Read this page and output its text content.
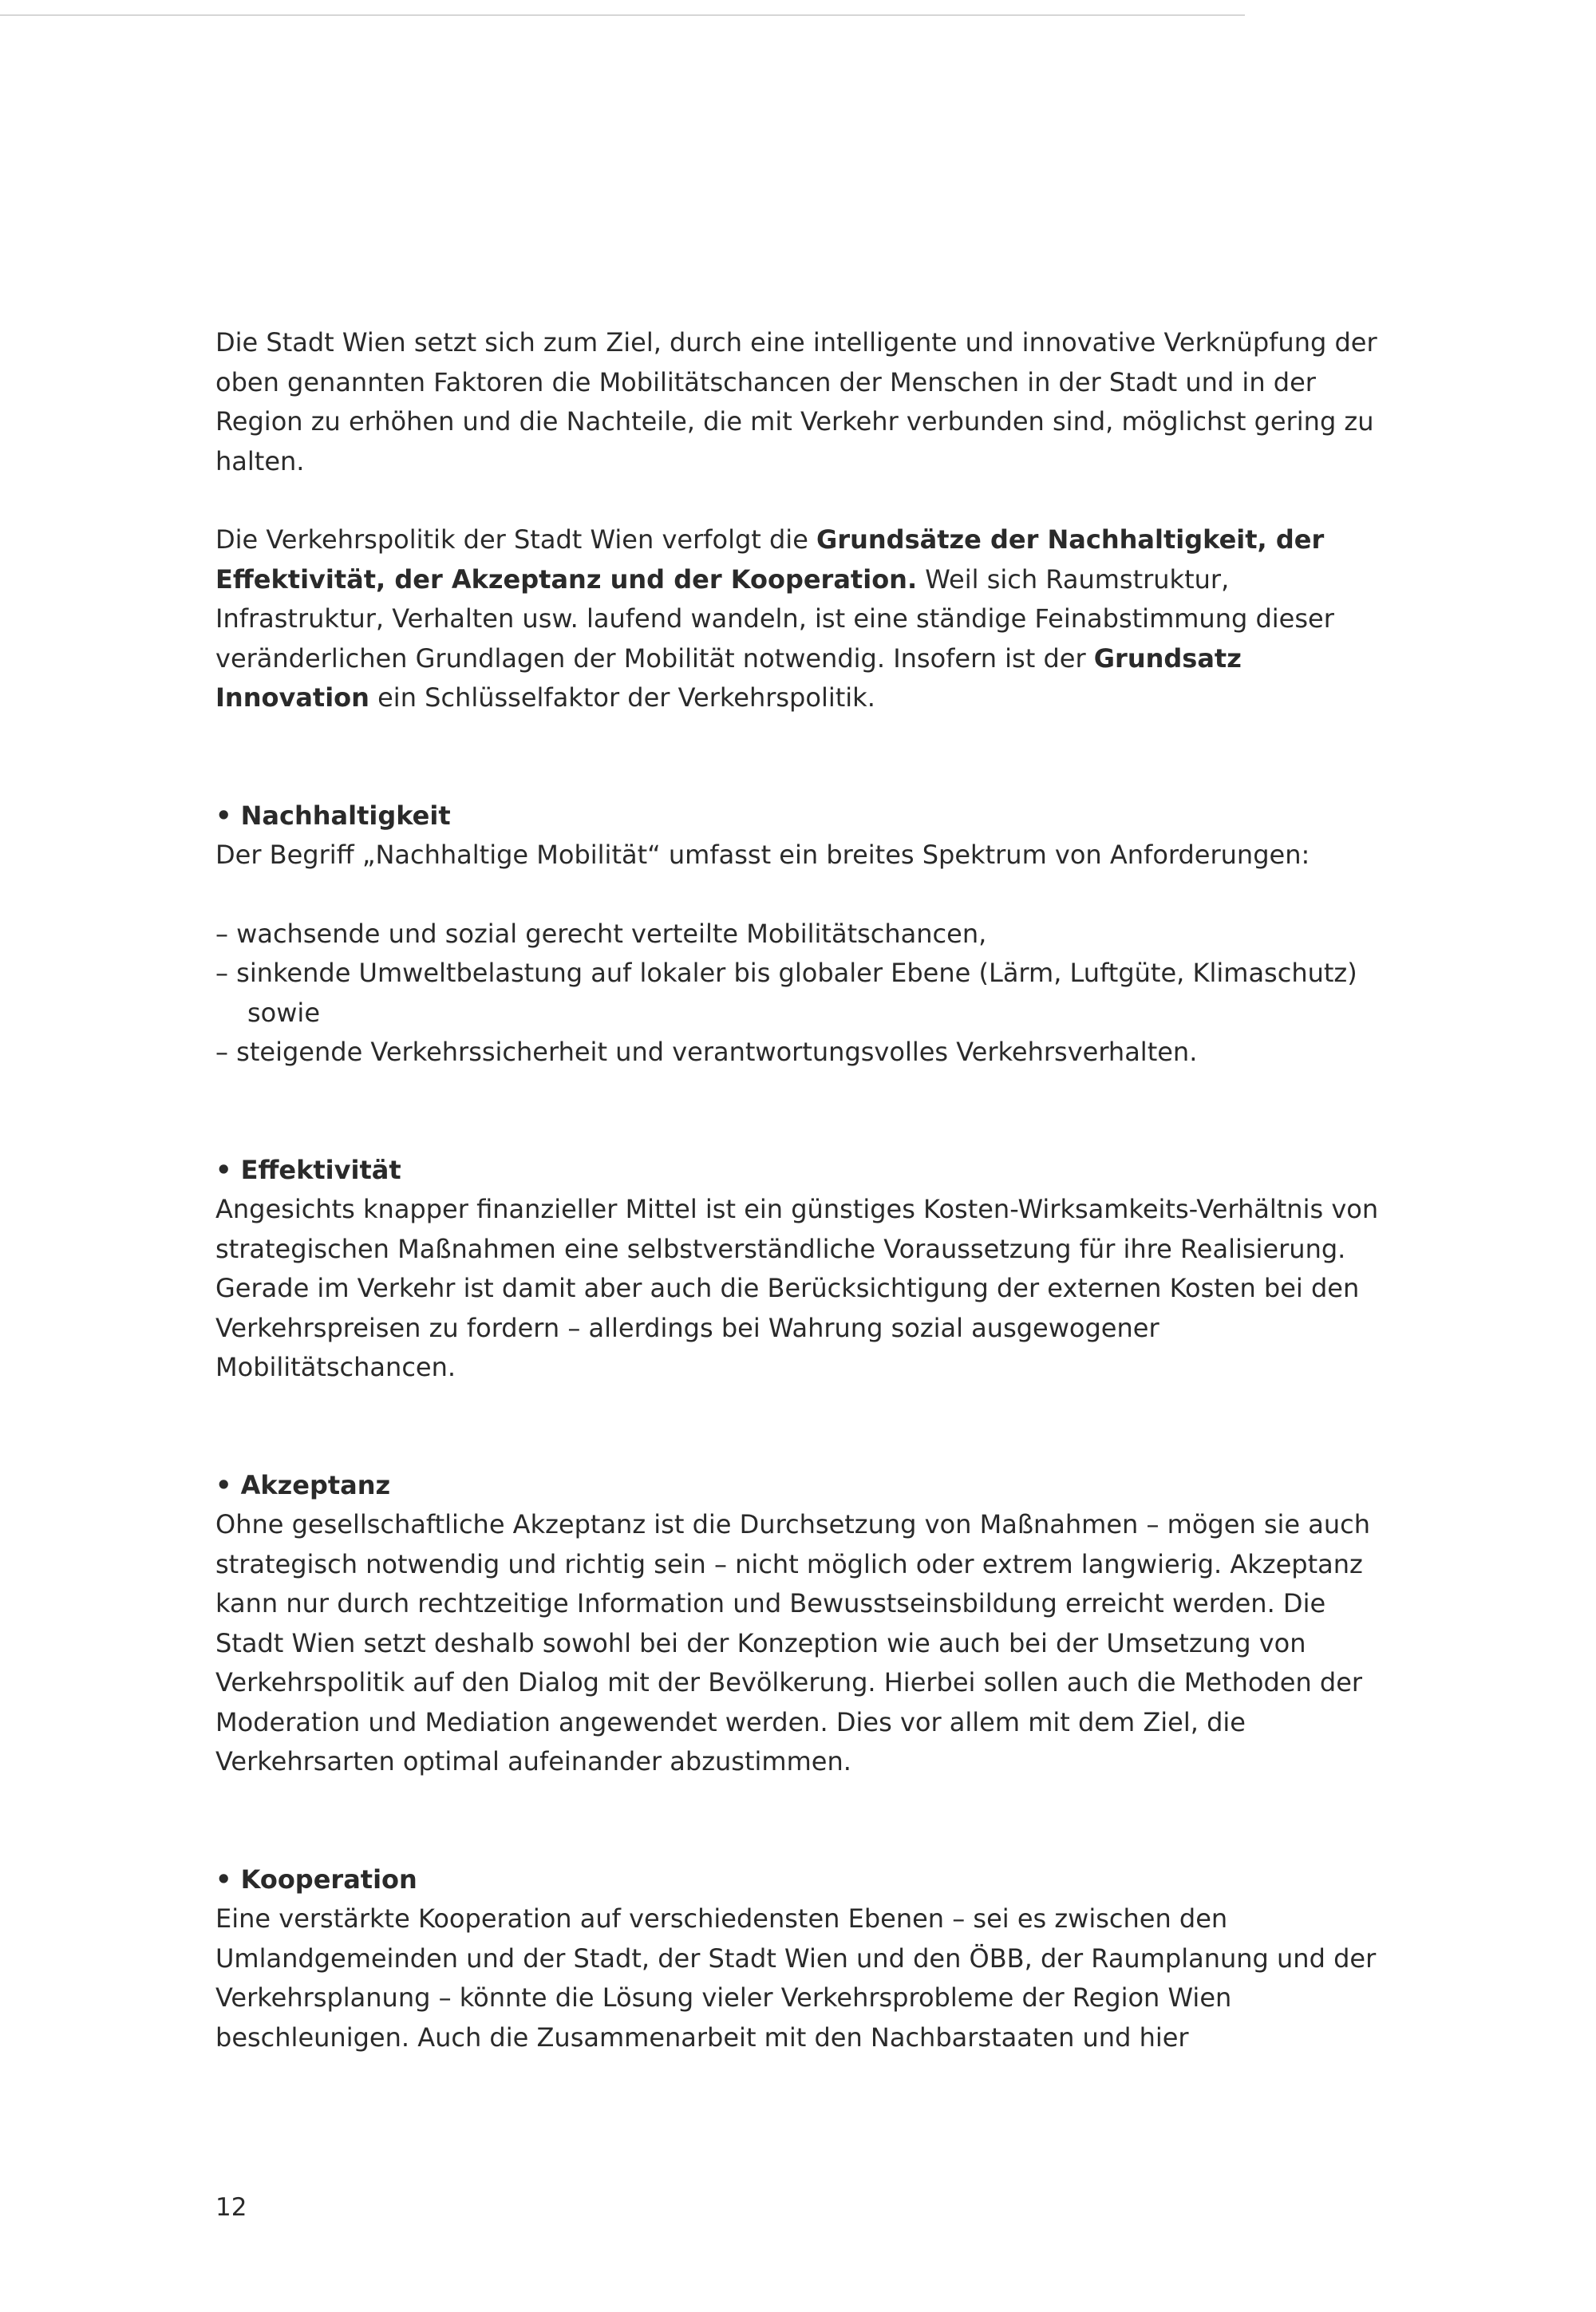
Die Stadt Wien setzt sich zum Ziel, durch eine intelligente und innovative Verknüpfung der oben genannten Faktoren die Mobilitätschancen der Menschen in der Stadt und in der Region zu erhöhen und die Nachteile, die mit Verkehr verbunden sind, möglichst gering zu halten.

Die Verkehrspolitik der Stadt Wien verfolgt die Grundsätze der Nachhaltigkeit, der Effektivität, der Akzeptanz und der Kooperation. Weil sich Raumstruktur, Infrastruktur, Verhalten usw. laufend wandeln, ist eine ständige Feinabstimmung dieser veränderlichen Grundlagen der Mobilität notwendig. Insofern ist der Grundsatz Innovation ein Schlüsselfaktor der Verkehrspolitik.

• Nachhaltigkeit

Der Begriff „Nachhaltige Mobilität“ umfasst ein breites Spektrum von Anforderungen:

– wachsende und sozial gerecht verteilte Mobilitätschancen,
– sinkende Umweltbelastung auf lokaler bis globaler Ebene (Lärm, Luftgüte, Klimaschutz) sowie
– steigende Verkehrssicherheit und verantwortungsvolles Verkehrsverhalten.

• Effektivität

Angesichts knapper finanzieller Mittel ist ein günstiges Kosten-Wirksamkeits-Verhältnis von strategischen Maßnahmen eine selbstverständliche Voraussetzung für ihre Realisierung. Gerade im Verkehr ist damit aber auch die Berücksichtigung der externen Kosten bei den Verkehrspreisen zu fordern – allerdings bei Wahrung sozial ausgewogener Mobilitätschancen.

• Akzeptanz

Ohne gesellschaftliche Akzeptanz ist die Durchsetzung von Maßnahmen – mögen sie auch strategisch notwendig und richtig sein – nicht möglich oder extrem langwierig. Akzeptanz kann nur durch rechtzeitige Information und Bewusstseinsbildung erreicht werden. Die Stadt Wien setzt deshalb sowohl bei der Konzeption wie auch bei der Umsetzung von Verkehrspolitik auf den Dialog mit der Bevölkerung. Hierbei sollen auch die Methoden der Moderation und Mediation angewendet werden. Dies vor allem mit dem Ziel, die Verkehrsarten optimal aufeinander abzustimmen.

• Kooperation

Eine verstärkte Kooperation auf verschiedensten Ebenen – sei es zwischen den Umlandgemeinden und der Stadt, der Stadt Wien und den ÖBB, der Raumplanung und der Verkehrsplanung – könnte die Lösung vieler Verkehrsprobleme der Region Wien beschleunigen. Auch die Zusammenarbeit mit den Nachbarstaaten und hier

12
